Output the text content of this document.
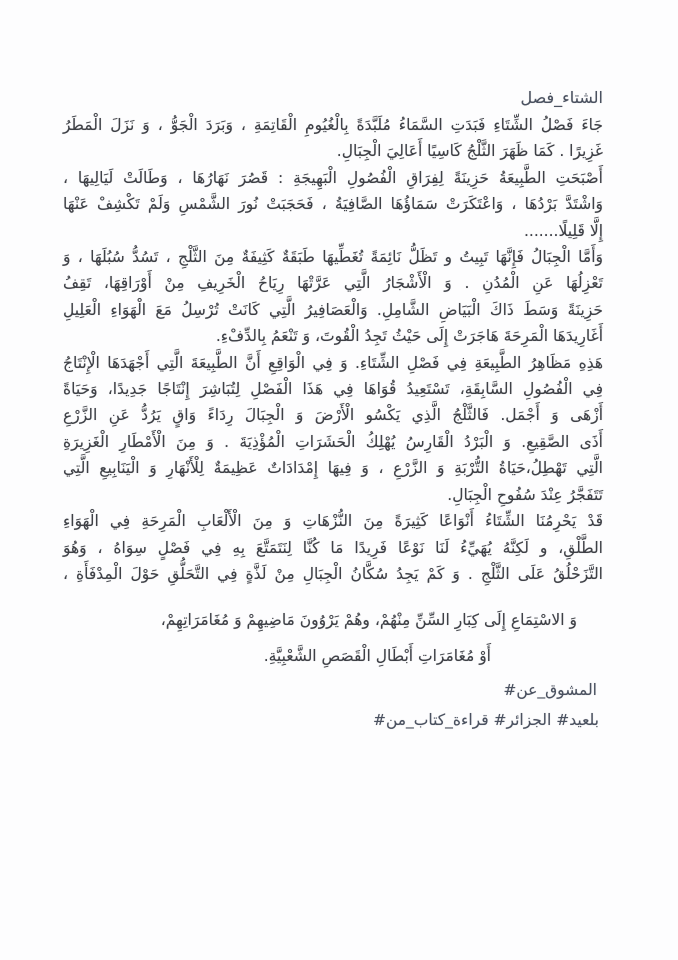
فصل_الشتاء
جَاءَ فَصْلُ الشِّتَاءِ فَبَدَتِ السَّمَاءُ مُلَبَّدَةً بِالْغُيُومِ الْقَاتِمَةِ ، وَبَرَدَ الْجَوُّ ، وَ نَزَلَ الْمَطَرُ
غَزِيرًا . كَمَا ظَهَرَ الثَّلْجُ كَاسِيًا أَعَالِيَ الْجِبَالِ.
أَصْبَحَتِ الطَّبِيعَةُ حَزِينَةً لِفِرَاقِ الْفُصُولِ الْبَهِيجَةِ : قَصُرَ نَهَارُهَا ، وَطَالَتْ لَيَالِيهَا ،
وَاشْتَدَّ بَرْدُهَا ، وَاعْتَكَرَتْ سَمَاؤُهَا الصَّافِيَةُ ، فَحَجَبَتْ نُورَ الشَّمْسِ وَلَمْ تَكْشِفْ عَنْهَا
إِلَّا قَلِيلًا.......
وَأَمَّا الْجِبَالُ فَإِنَّهَا تَبِيتُ و تَظَلُّ نَائِمَةً تُغَطِّيهَا طَبَقَةٌ كَثِيفَةٌ مِنَ الثَّلْجِ ، تَسُدُّ سُبُلَهَا ، وَ
تَعْزِلُهَا عَنِ الْمُدُنِ . وَ الْأَشْجَارُ الَّتِي عَرَّتْهَا رِيَاحُ الْخَرِيفِ مِنْ أَوْرَاقِهَا، تَقِفُ
حَزِينَةً وَسَطَ ذَاكَ الْبَيَاضِ الشَّامِلِ. وَالْعَصَافِيرُ الَّتِي كَانَتْ تُرْسِلُ مَعَ الْهَوَاءِ الْعَلِيلِ
أَغَارِيدَهَا الْمَرِحَةَ هَاجَرَتْ إِلَى حَيْثُ تَجِدُ الْقُوتَ، وَ تَنْعَمُ بِالدِّفْءِ.
هَذِهِ مَظَاهِرُ الطَّبِيعَةِ فِي فَصْلِ الشِّتَاءِ. وَ فِي الْوَاقِعِ أَنَّ الطَّبِيعَةَ الَّتِي أَجْهَدَهَا الْإِنْتَاجُ
فِي الْفُصُولِ السَّابِقَةِ، تَسْتَعِيدُ قُوَاهَا فِي هَذَا الْفَصْلِ لِتُبَاشِرَ إِنْتَاجًا جَدِيدًا، وَحَيَاةً
أَزْهَى وَ أَجْمَل. فَالثَّلْجُ الَّذِي يَكْسُو الْأَرْضَ وَ الْجِبَالَ رِدَاءً وَاقٍ يَرُدُّ عَنِ الزَّرْعِ
أَذَى الصَّقِيعِ. وَ الْبَرْدُ الْقَارِسُ يُهْلِكُ الْحَشَرَاتِ الْمُؤْذِيَةَ . وَ مِنَ الْأَمْطَارِ الْغَزِيرَةِ
الَّتِي تَهْطِلُ،حَيَاةُ التُّرْبَةِ وَ الزَّرْعِ ، وَ فِيهَا إِمْدَادَاتٌ عَظِيمَةٌ لِلْأَنْهَارِ وَ الْيَنَابِيعِ الَّتِي
تَتَفَجَّرُ عِنْدَ سُفُوحِ الْجِبَالِ.
قَدْ يَحْرِمُنَا الشِّتَاءُ أَنْوَاعًا كَثِيرَةً مِنَ النُّزْهَاتِ وَ مِنَ الْأَلْعَابِ الْمَرِحَةِ فِي الْهَوَاءِ
الطَّلْقِ، و لَكِنَّهُ يُهَيِّءُ لَنَا نَوْعًا فَرِيدًا مَا كُنَّا لِنَتَمَتَّعَ بِهِ فِي فَصْلٍ سِوَاهُ ، وَهُوَ
التَّزَحْلُقُ عَلَى الثَّلْجِ . وَ كَمْ يَجِدُ سُكَّانُ الْجِبَالِ مِنْ لَذَّةٍ فِي التَّحَلُّقِ حَوْلَ الْمِدْفَأَةِ ،
وَ الاسْتِمَاعِ إِلَى كِبَارِ السِّنِّ مِنْهُمْ، وهُمْ يَرْوُونَ مَاضِيهِمْ وَ مُغَامَرَاتِهِمْ،
أَوْ مُغَامَرَاتِ أَبْطَالِ الْقَصَصِ الشَّعْبِيَّةِ.
#عن_المشوق
#من_كتاب_قراءة #الجزائر #بلعيد
